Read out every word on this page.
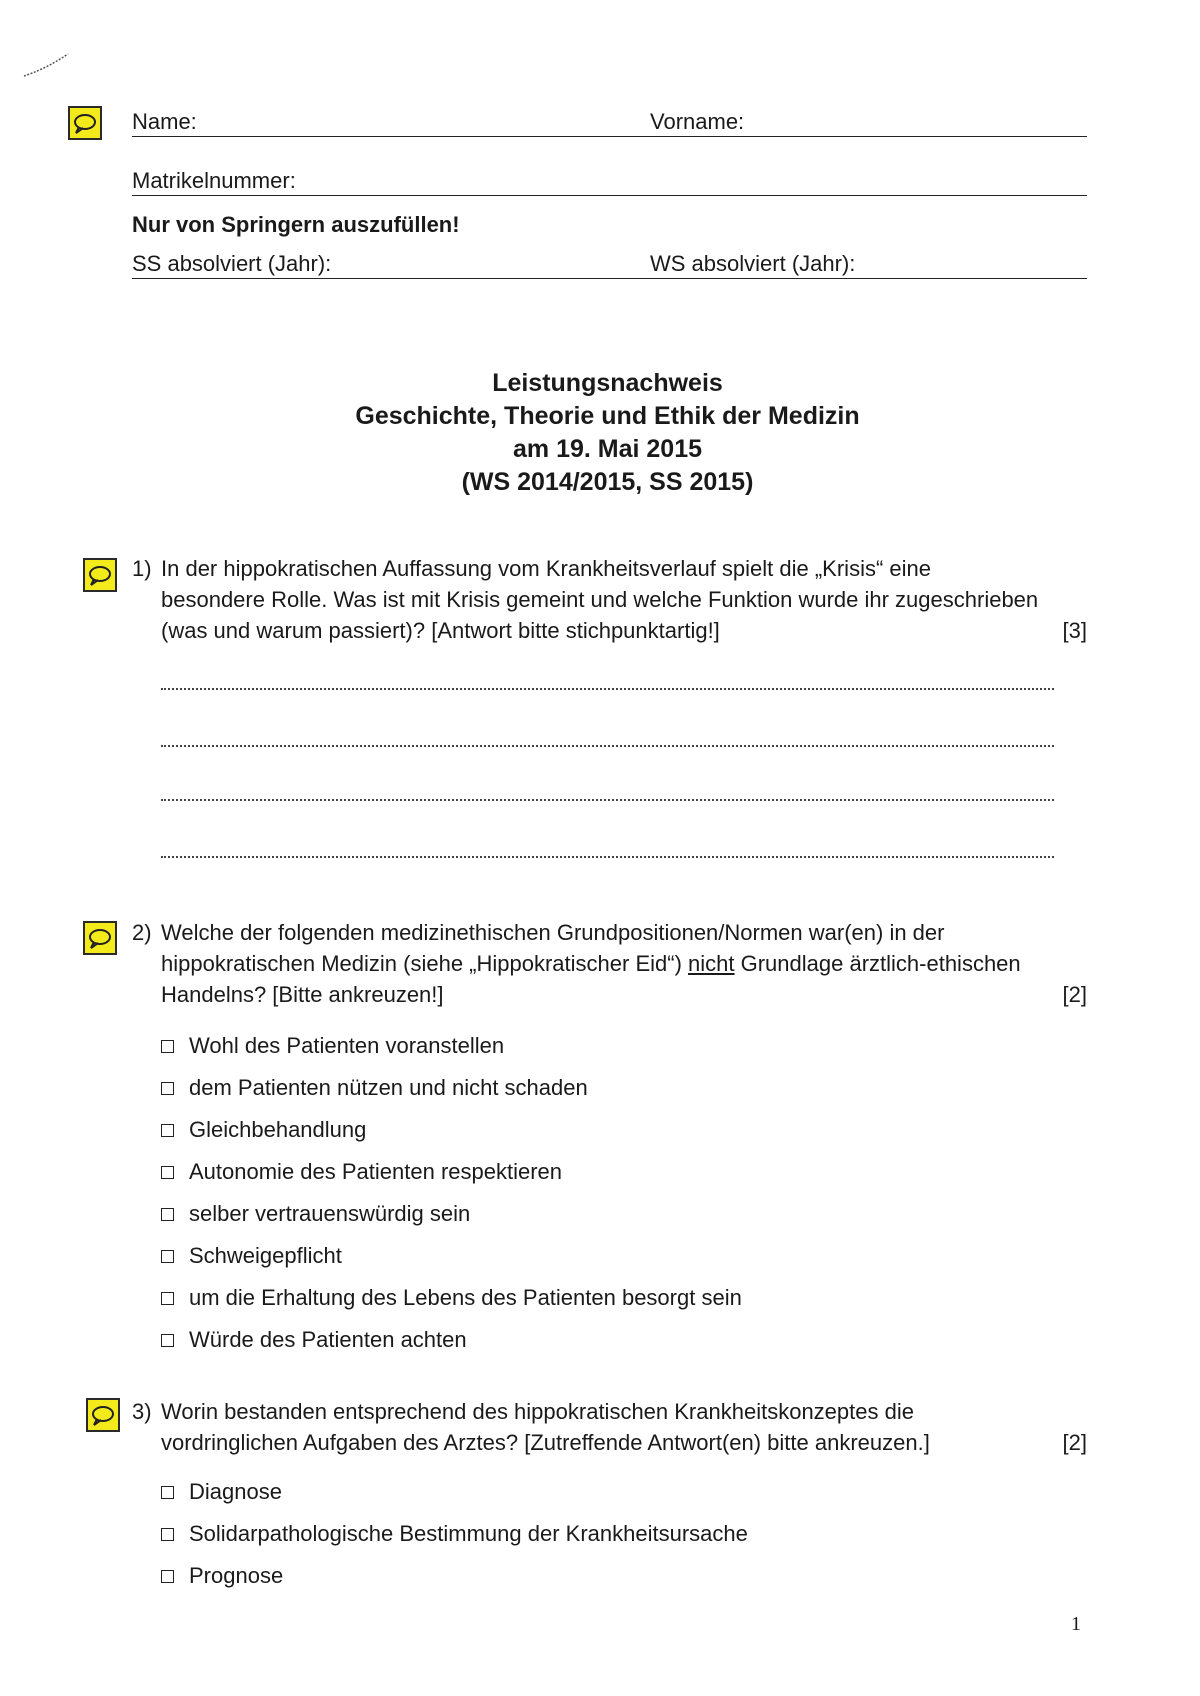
Name:	Vorname:
Matrikelnummer:
Nur von Springern auszufüllen!
SS absolviert (Jahr):	WS absolviert (Jahr):
Leistungsnachweis
Geschichte, Theorie und Ethik der Medizin
am 19. Mai 2015
(WS 2014/2015, SS 2015)
1) In der hippokratischen Auffassung vom Krankheitsverlauf spielt die „Krisis“ eine besondere Rolle. Was ist mit Krisis gemeint und welche Funktion wurde ihr zugeschrieben (was und warum passiert)? [Antwort bitte stichpunktartig!]	[3]
2) Welche der folgenden medizinethischen Grundpositionen/Normen war(en) in der hippokratischen Medizin (siehe „Hippokratischer Eid“) nicht Grundlage ärztlich-ethischen Handelns? [Bitte ankreuzen!]	[2]
Wohl des Patienten voranstellen
dem Patienten nützen und nicht schaden
Gleichbehandlung
Autonomie des Patienten respektieren
selber vertrauenswürdig sein
Schweigepflicht
um die Erhaltung des Lebens des Patienten besorgt sein
Würde des Patienten achten
3) Worin bestanden entsprechend des hippokratischen Krankheitskonzeptes die vordringlichen Aufgaben des Arztes? [Zutreffende Antwort(en) bitte ankreuzen.]	[2]
Diagnose
Solidarpathologische Bestimmung der Krankheitsursache
Prognose
1
